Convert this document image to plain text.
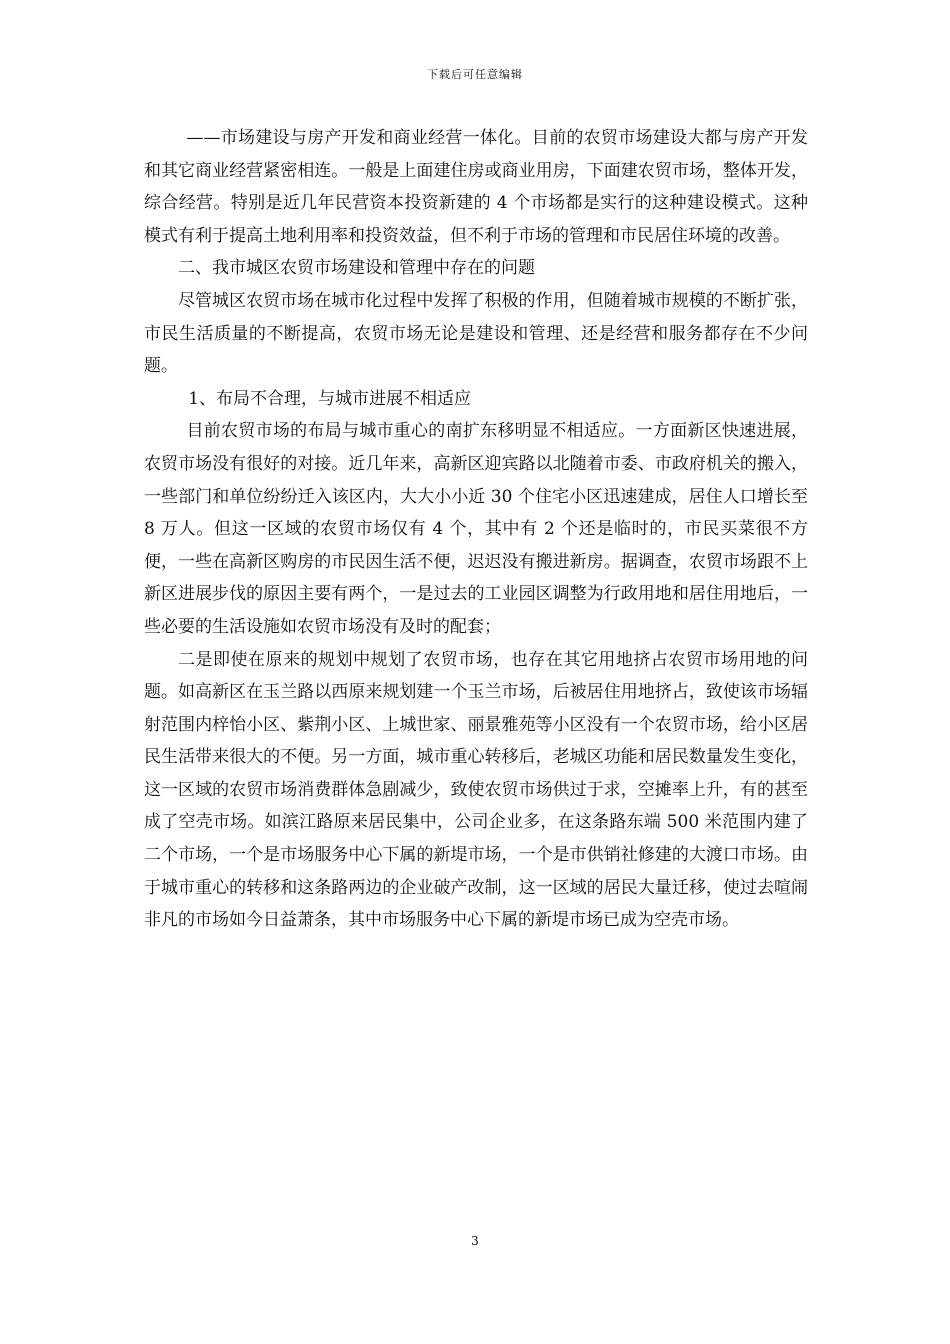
下载后可任意编辑

——市场建设与房产开发和商业经营一体化。目前的农贸市场建设大都与房产开发和其它商业经营紧密相连。一般是上面建住房或商业用房，下面建农贸市场，整体开发，综合经营。特别是近几年民营资本投资新建的 4 个市场都是实行的这种建设模式。这种模式有利于提高土地利用率和投资效益，但不利于市场的管理和市民居住环境的改善。

二、我市城区农贸市场建设和管理中存在的问题

尽管城区农贸市场在城市化过程中发挥了积极的作用，但随着城市规模的不断扩张，市民生活质量的不断提高，农贸市场无论是建设和管理、还是经营和服务都存在不少问题。

1、布局不合理，与城市进展不相适应

目前农贸市场的布局与城市重心的南扩东移明显不相适应。一方面新区快速进展，农贸市场没有很好的对接。近几年来，高新区迎宾路以北随着市委、市政府机关的搬入，一些部门和单位纷纷迁入该区内，大大小小近 30 个住宅小区迅速建成，居住人口增长至 8 万人。但这一区域的农贸市场仅有 4 个，其中有 2 个还是临时的，市民买菜很不方便，一些在高新区购房的市民因生活不便，迟迟没有搬进新房。据调查，农贸市场跟不上新区进展步伐的原因主要有两个，一是过去的工业园区调整为行政用地和居住用地后，一些必要的生活设施如农贸市场没有及时的配套；

二是即使在原来的规划中规划了农贸市场，也存在其它用地挤占农贸市场用地的问题。如高新区在玉兰路以西原来规划建一个玉兰市场，后被居住用地挤占，致使该市场辐射范围内梓怡小区、紫荆小区、上城世家、丽景雅苑等小区没有一个农贸市场，给小区居民生活带来很大的不便。另一方面，城市重心转移后，老城区功能和居民数量发生变化，这一区域的农贸市场消费群体急剧减少，致使农贸市场供过于求，空摊率上升，有的甚至成了空壳市场。如滨江路原来居民集中，公司企业多，在这条路东端 500 米范围内建了二个市场，一个是市场服务中心下属的新堤市场，一个是市供销社修建的大渡口市场。由于城市重心的转移和这条路两边的企业破产改制，这一区域的居民大量迁移，使过去喧闹非凡的市场如今日益萧条，其中市场服务中心下属的新堤市场已成为空壳市场。

3
